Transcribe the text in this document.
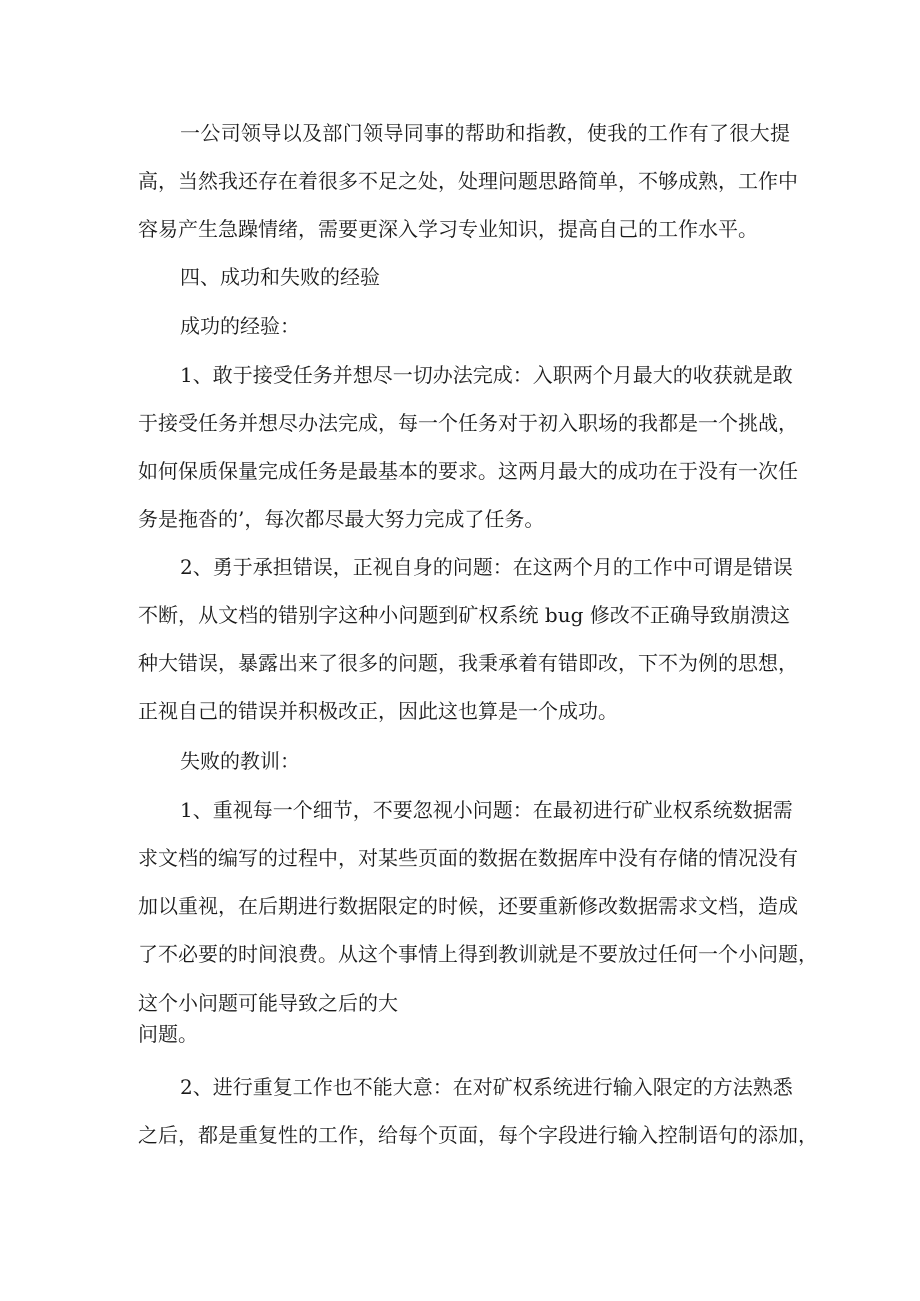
一公司领导以及部门领导同事的帮助和指教，使我的工作有了很大提

高，当然我还存在着很多不足之处，处理问题思路简单，不够成熟，工作中

容易产生急躁情绪，需要更深入学习专业知识，提高自己的工作水平。

四、成功和失败的经验

成功的经验：

1、敢于接受任务并想尽一切办法完成：入职两个月最大的收获就是敢

于接受任务并想尽办法完成，每一个任务对于初入职场的我都是一个挑战，

如何保质保量完成任务是最基本的要求。这两月最大的成功在于没有一次任

务是拖沓的’，每次都尽最大努力完成了任务。

2、勇于承担错误，正视自身的问题：在这两个月的工作中可谓是错误

不断，从文档的错别字这种小问题到矿权系统 bug 修改不正确导致崩溃这

种大错误，暴露出来了很多的问题，我秉承着有错即改，下不为例的思想，

正视自己的错误并积极改正，因此这也算是一个成功。

失败的教训：

1、重视每一个细节，不要忽视小问题：在最初进行矿业权系统数据需

求文档的编写的过程中，对某些页面的数据在数据库中没有存储的情况没有

加以重视，在后期进行数据限定的时候，还要重新修改数据需求文档，造成

了不必要的时间浪费。从这个事情上得到教训就是不要放过任何一个小问题，

这个小问题可能导致之后的大

问题。

2、进行重复工作也不能大意：在对矿权系统进行输入限定的方法熟悉

之后，都是重复性的工作，给每个页面，每个字段进行输入控制语句的添加，
